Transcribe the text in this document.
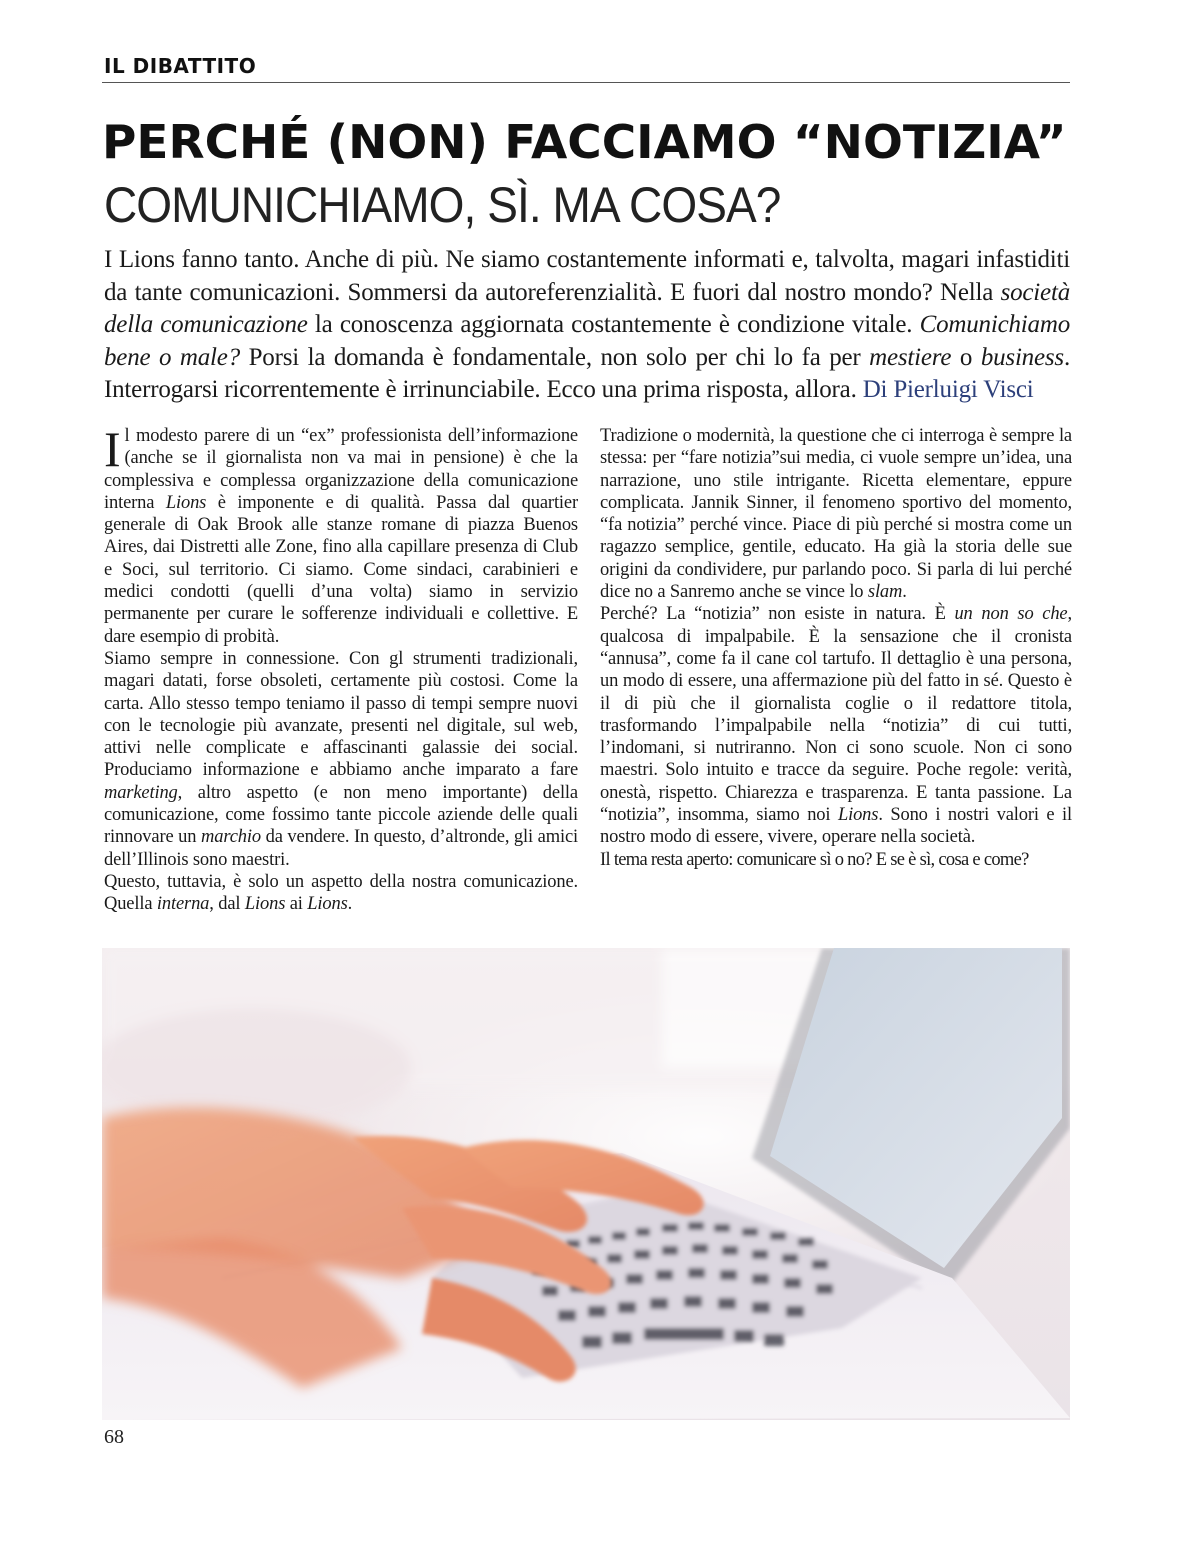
IL DIBATTITO
PERCHÉ (NON) FACCIAMO “NOTIZIA”
COMUNICHIAMO, SÌ. MA COSA?
I Lions fanno tanto. Anche di più. Ne siamo costantemente informati e, talvolta, magari infastiditi da tante comunicazioni. Sommersi da autoreferenzialità. E fuori dal nostro mondo? Nella società della comunicazione la conoscenza aggiornata costantemente è condizione vitale. Comunichiamo bene o male? Porsi la domanda è fondamentale, non solo per chi lo fa per mestiere o business. Interrogarsi ricorrentemente è irrinunciabile. Ecco una prima risposta, allora. Di Pierluigi Visci

Il modesto parere di un “ex” professionista dell’informazione (anche se il giornalista non va mai in pensione) è che la complessiva e complessa organizzazione della comunicazione interna Lions è imponente e di qualità. Passa dal quartier generale di Oak Brook alle stanze romane di piazza Buenos Aires, dai Distretti alle Zone, fino alla capillare presenza di Club e Soci, sul territorio. Ci siamo. Come sindaci, carabinieri e medici condotti (quelli d’una volta) siamo in servizio permanente per curare le sofferenze individuali e collettive. E dare esempio di probità.

Siamo sempre in connessione. Con gl strumenti tradizionali, magari datati, forse obsoleti, certamente più costosi. Come la carta. Allo stesso tempo teniamo il passo di tempi sempre nuovi con le tecnologie più avanzate, presenti nel digitale, sul web, attivi nelle complicate e affascinanti galassie dei social. Produciamo informazione e abbiamo anche imparato a fare marketing, altro aspetto (e non meno importante) della comunicazione, come fossimo tante piccole aziende delle quali rinnovare un marchio da vendere. In questo, d’altronde, gli amici dell’Illinois sono maestri.

Questo, tuttavia, è solo un aspetto della nostra comunicazione. Quella interna, dal Lions ai Lions.

Tradizione o modernità, la questione che ci interroga è sempre la stessa: per “fare notizia”sui media, ci vuole sempre un’idea, una narrazione, uno stile intrigante. Ricetta elementare, eppure complicata. Jannik Sinner, il fenomeno sportivo del momento, “fa notizia” perché vince. Piace di più perché si mostra come un ragazzo semplice, gentile, educato. Ha già la storia delle sue origini da condividere, pur parlando poco. Si parla di lui perché dice no a Sanremo anche se vince lo slam.

Perché? La “notizia” non esiste in natura. È un non so che, qualcosa di impalpabile. È la sensazione che il cronista “annusa”, come fa il cane col tartufo. Il dettaglio è una persona, un modo di essere, una affermazione più del fatto in sé. Questo è il di più che il giornalista coglie o il redattore titola, trasformando l’impalpabile nella “notizia” di cui tutti, l’indomani, si nutriranno. Non ci sono scuole. Non ci sono maestri. Solo intuito e tracce da seguire. Poche regole: verità, onestà, rispetto. Chiarezza e trasparenza. E tanta passione. La “notizia”, insomma, siamo noi Lions. Sono i nostri valori e il nostro modo di essere, vivere, operare nella società.

Il tema resta aperto: comunicare sì o no? E se è sì, cosa e come?

68
